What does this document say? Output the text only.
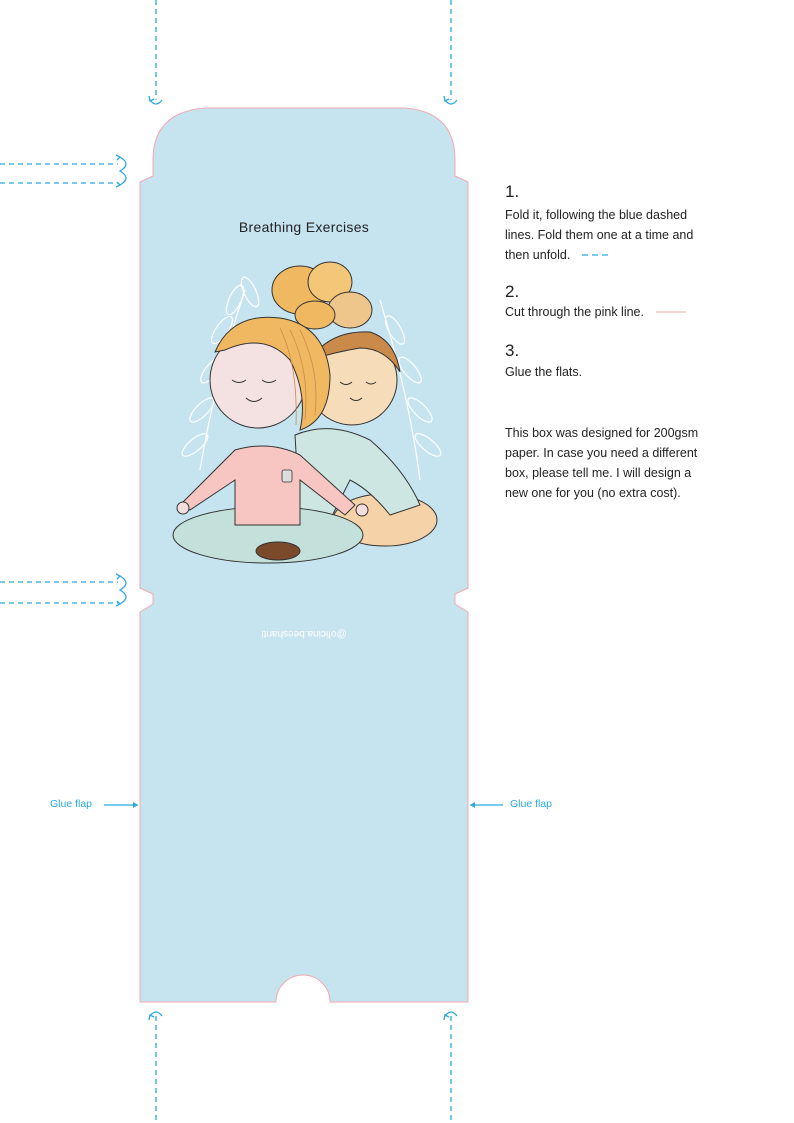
Breathing Exercises
@oficina.beeshanti
Glue flap	Glue flap
1.
Fold it, following the blue dashed lines. Fold them one at a time and then unfold.
2.
Cut through the pink line.
3.
Glue the flats.
This box was designed for 200gsm paper. In case you need a different box, please tell me. I will design a new one for you (no extra cost).
